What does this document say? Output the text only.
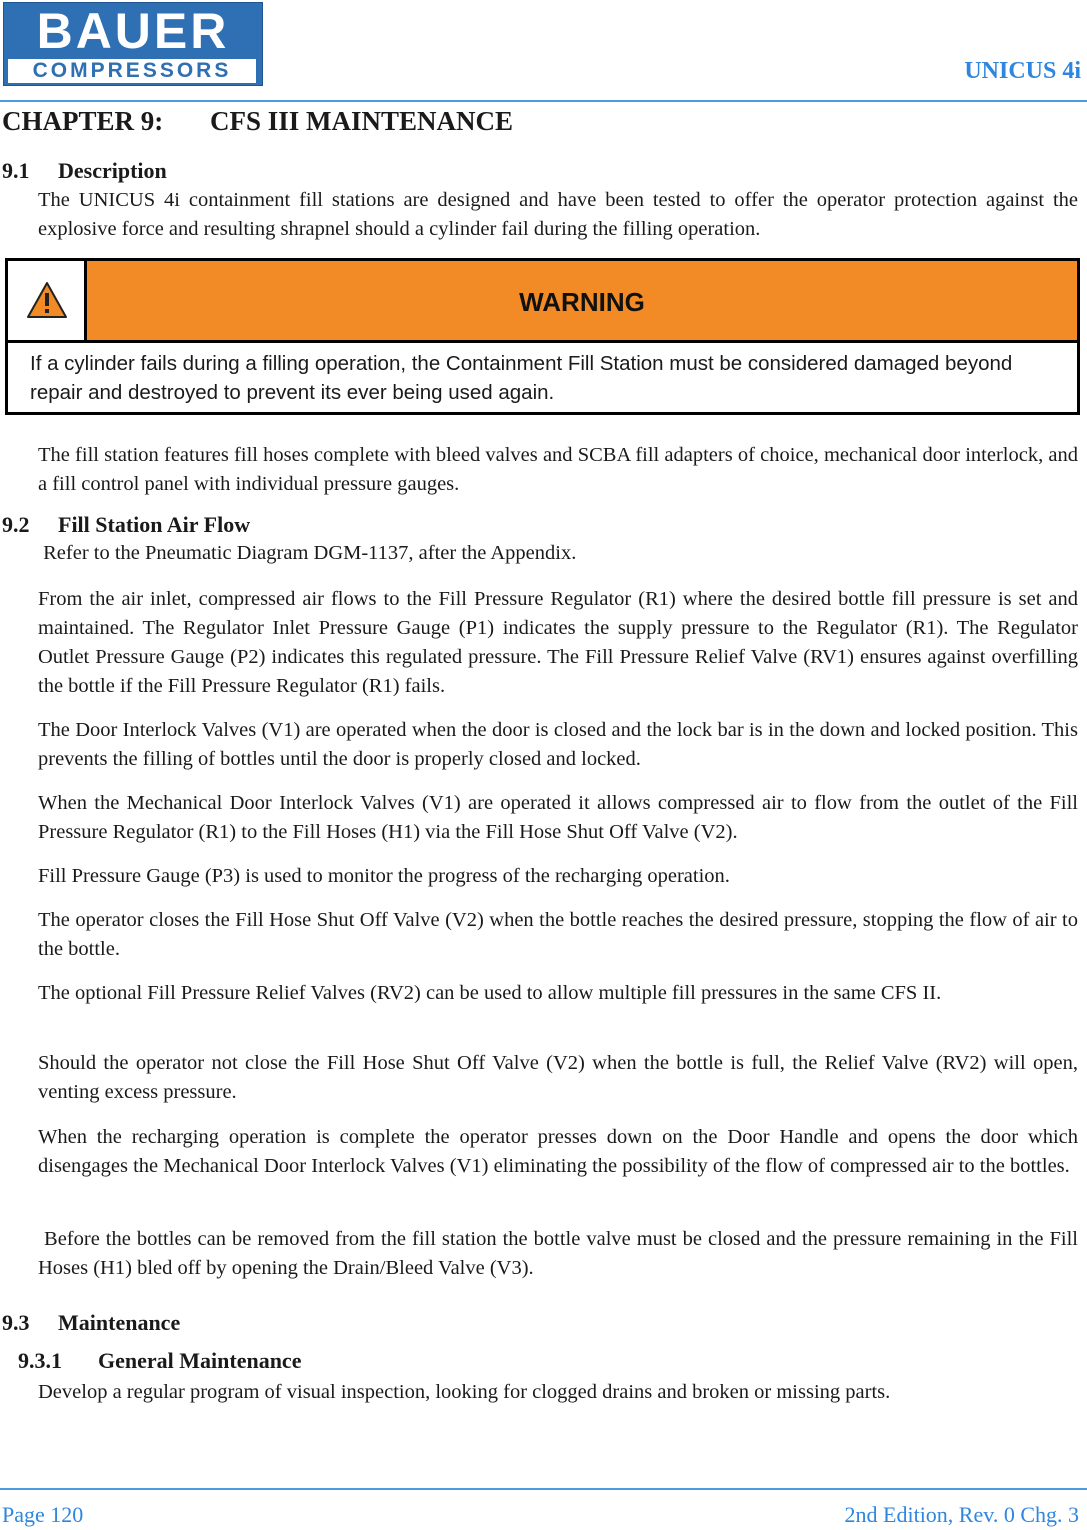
BAUER
COMPRESSORS	UNICUS 4i
CHAPTER 9: CFS III MAINTENANCE
9.1 Description
The UNICUS 4i containment fill stations are designed and have been tested to offer the operator protection against the explosive force and resulting shrapnel should a cylinder fail during the filling operation.
WARNING
If a cylinder fails during a filling operation, the Containment Fill Station must be considered damaged beyond repair and destroyed to prevent its ever being used again.
The fill station features fill hoses complete with bleed valves and SCBA fill adapters of choice, mechanical door interlock, and a fill control panel with individual pressure gauges.
9.2 Fill Station Air Flow
Refer to the Pneumatic Diagram DGM-1137, after the Appendix.
From the air inlet, compressed air flows to the Fill Pressure Regulator (R1) where the desired bottle fill pressure is set and maintained. The Regulator Inlet Pressure Gauge (P1) indicates the supply pressure to the Regulator (R1). The Regulator Outlet Pressure Gauge (P2) indicates this regulated pressure. The Fill Pressure Relief Valve (RV1) ensures against overfilling the bottle if the Fill Pressure Regulator (R1) fails.
The Door Interlock Valves (V1) are operated when the door is closed and the lock bar is in the down and locked position. This prevents the filling of bottles until the door is properly closed and locked.
When the Mechanical Door Interlock Valves (V1) are operated it allows compressed air to flow from the outlet of the Fill Pressure Regulator (R1) to the Fill Hoses (H1) via the Fill Hose Shut Off Valve (V2).
Fill Pressure Gauge (P3) is used to monitor the progress of the recharging operation.
The operator closes the Fill Hose Shut Off Valve (V2) when the bottle reaches the desired pressure, stopping the flow of air to the bottle.
The optional Fill Pressure Relief Valves (RV2) can be used to allow multiple fill pressures in the same CFS II.
Should the operator not close the Fill Hose Shut Off Valve (V2) when the bottle is full, the Relief Valve (RV2) will open, venting excess pressure.
When the recharging operation is complete the operator presses down on the Door Handle and opens the door which disengages the Mechanical Door Interlock Valves (V1) eliminating the possibility of the flow of compressed air to the bottles.
Before the bottles can be removed from the fill station the bottle valve must be closed and the pressure remaining in the Fill Hoses (H1) bled off by opening the Drain/Bleed Valve (V3).
9.3 Maintenance
9.3.1 General Maintenance
Develop a regular program of visual inspection, looking for clogged drains and broken or missing parts.
Page 120	2nd Edition, Rev. 0 Chg. 3
